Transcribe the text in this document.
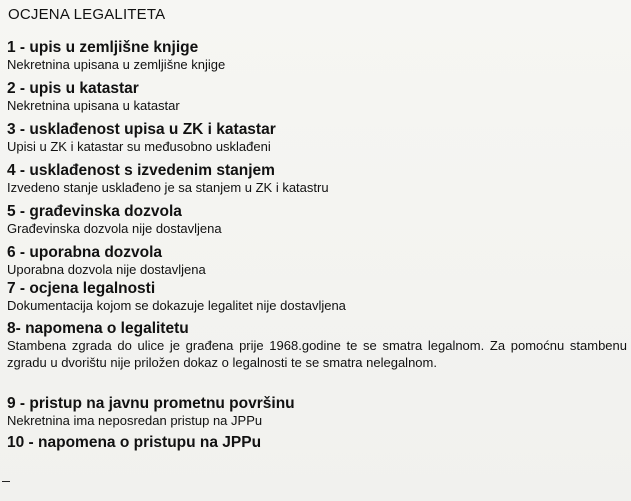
OCJENA LEGALITETA
1 - upis u zemljišne knjige
Nekretnina upisana u zemljišne knjige
2 - upis u katastar
Nekretnina upisana u katastar
3 - usklađenost upisa u ZK i katastar
Upisi u ZK i katastar su međusobno usklađeni
4 - usklađenost s izvedenim stanjem
Izvedeno stanje usklađeno je sa stanjem u ZK i katastru
5 - građevinska dozvola
Građevinska dozvola nije dostavljena
6 - uporabna dozvola
Uporabna dozvola nije dostavljena
7 - ocjena legalnosti
Dokumentacija kojom se dokazuje legalitet nije dostavljena
8- napomena o legalitetu
Stambena zgrada do ulice je građena prije 1968.godine te se smatra legalnom. Za pomoćnu stambenu zgradu u dvorištu nije priložen dokaz o legalnosti te se smatra nelegalnom.
9 - pristup na javnu prometnu površinu
Nekretnina ima neposredan pristup na JPPu
10 - napomena o pristupu na JPPu
